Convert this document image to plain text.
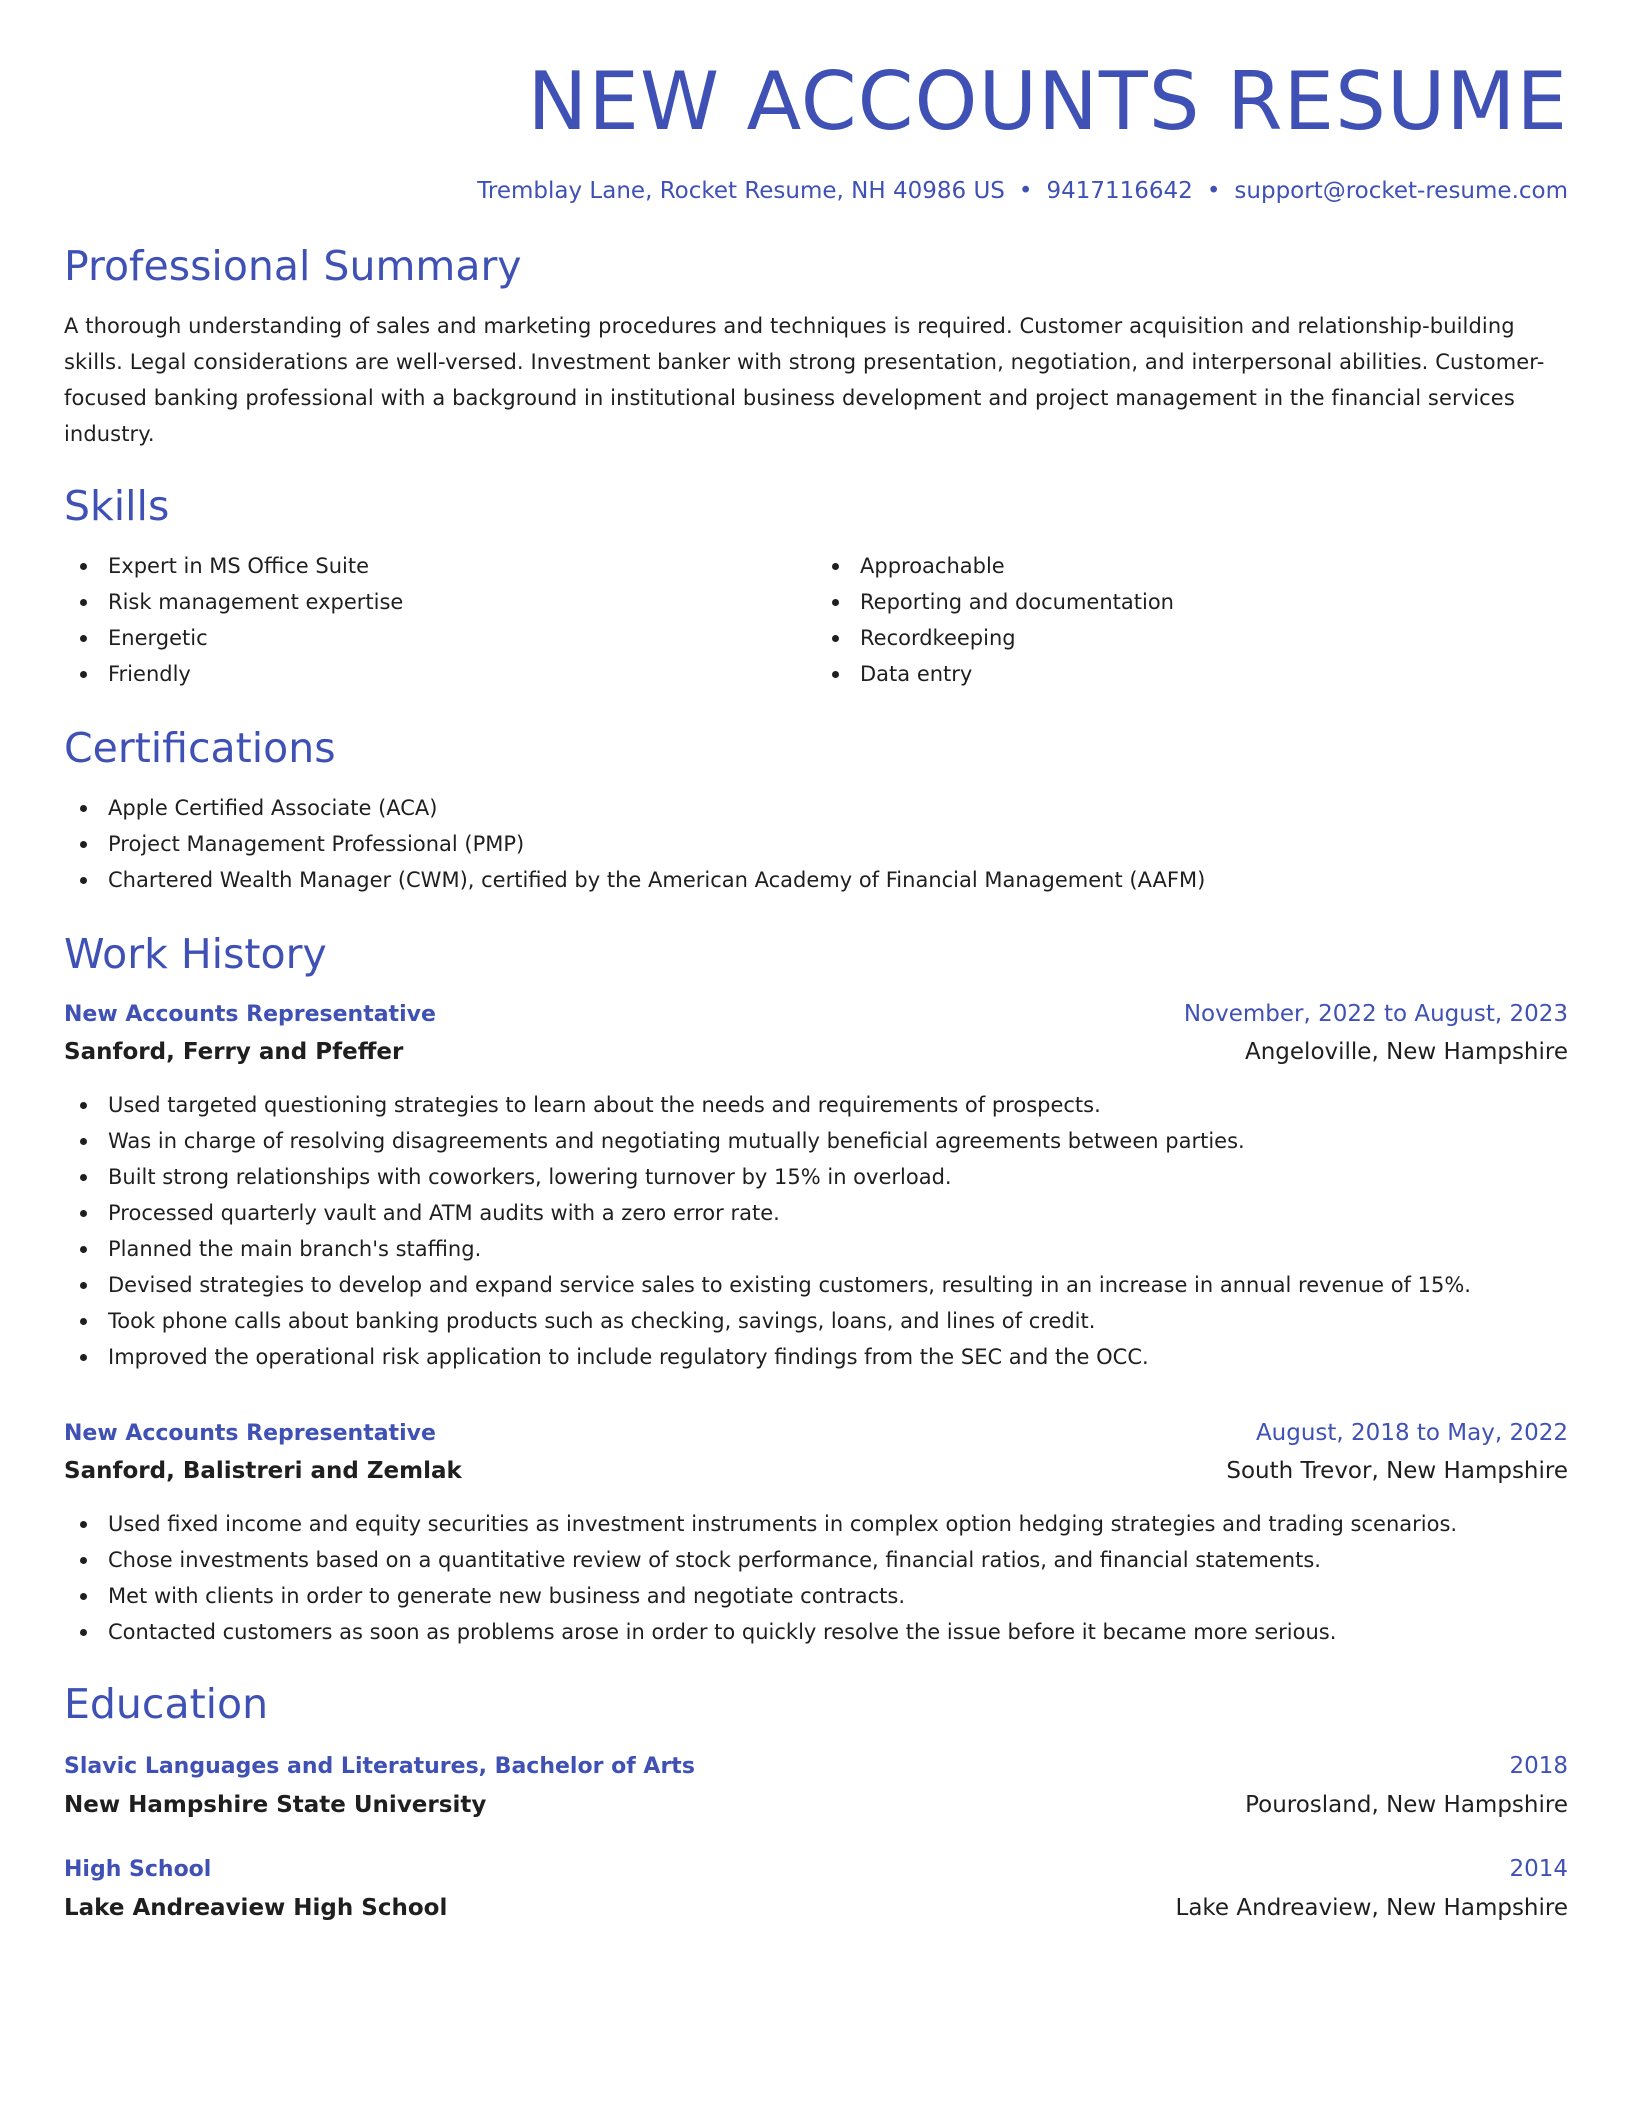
NEW ACCOUNTS RESUME
Tremblay Lane, Rocket Resume, NH 40986 US • 9417116642 • support@rocket-resume.com
Professional Summary

A thorough understanding of sales and marketing procedures and techniques is required. Customer acquisition and relationship-building skills. Legal considerations are well-versed. Investment banker with strong presentation, negotiation, and interpersonal abilities. Customer-focused banking professional with a background in institutional business development and project management in the financial services industry.

Skills
Expert in MS Office Suite
Risk management expertise
Energetic
Friendly
Approachable
Reporting and documentation
Recordkeeping
Data entry
Certifications
Apple Certified Associate (ACA)
Project Management Professional (PMP)
Chartered Wealth Manager (CWM), certified by the American Academy of Financial Management (AAFM)
Work History
New Accounts Representative	November, 2022 to August, 2023
Sanford, Ferry and Pfeffer	Angeloville, New Hampshire
Used targeted questioning strategies to learn about the needs and requirements of prospects.
Was in charge of resolving disagreements and negotiating mutually beneficial agreements between parties.
Built strong relationships with coworkers, lowering turnover by 15% in overload.
Processed quarterly vault and ATM audits with a zero error rate.
Planned the main branch's staffing.
Devised strategies to develop and expand service sales to existing customers, resulting in an increase in annual revenue of 15%.
Took phone calls about banking products such as checking, savings, loans, and lines of credit.
Improved the operational risk application to include regulatory findings from the SEC and the OCC.
New Accounts Representative	August, 2018 to May, 2022
Sanford, Balistreri and Zemlak	South Trevor, New Hampshire
Used fixed income and equity securities as investment instruments in complex option hedging strategies and trading scenarios.
Chose investments based on a quantitative review of stock performance, financial ratios, and financial statements.
Met with clients in order to generate new business and negotiate contracts.
Contacted customers as soon as problems arose in order to quickly resolve the issue before it became more serious.
Education
Slavic Languages and Literatures, Bachelor of Arts	2018
New Hampshire State University	Pourosland, New Hampshire
High School	2014
Lake Andreaview High School	Lake Andreaview, New Hampshire
